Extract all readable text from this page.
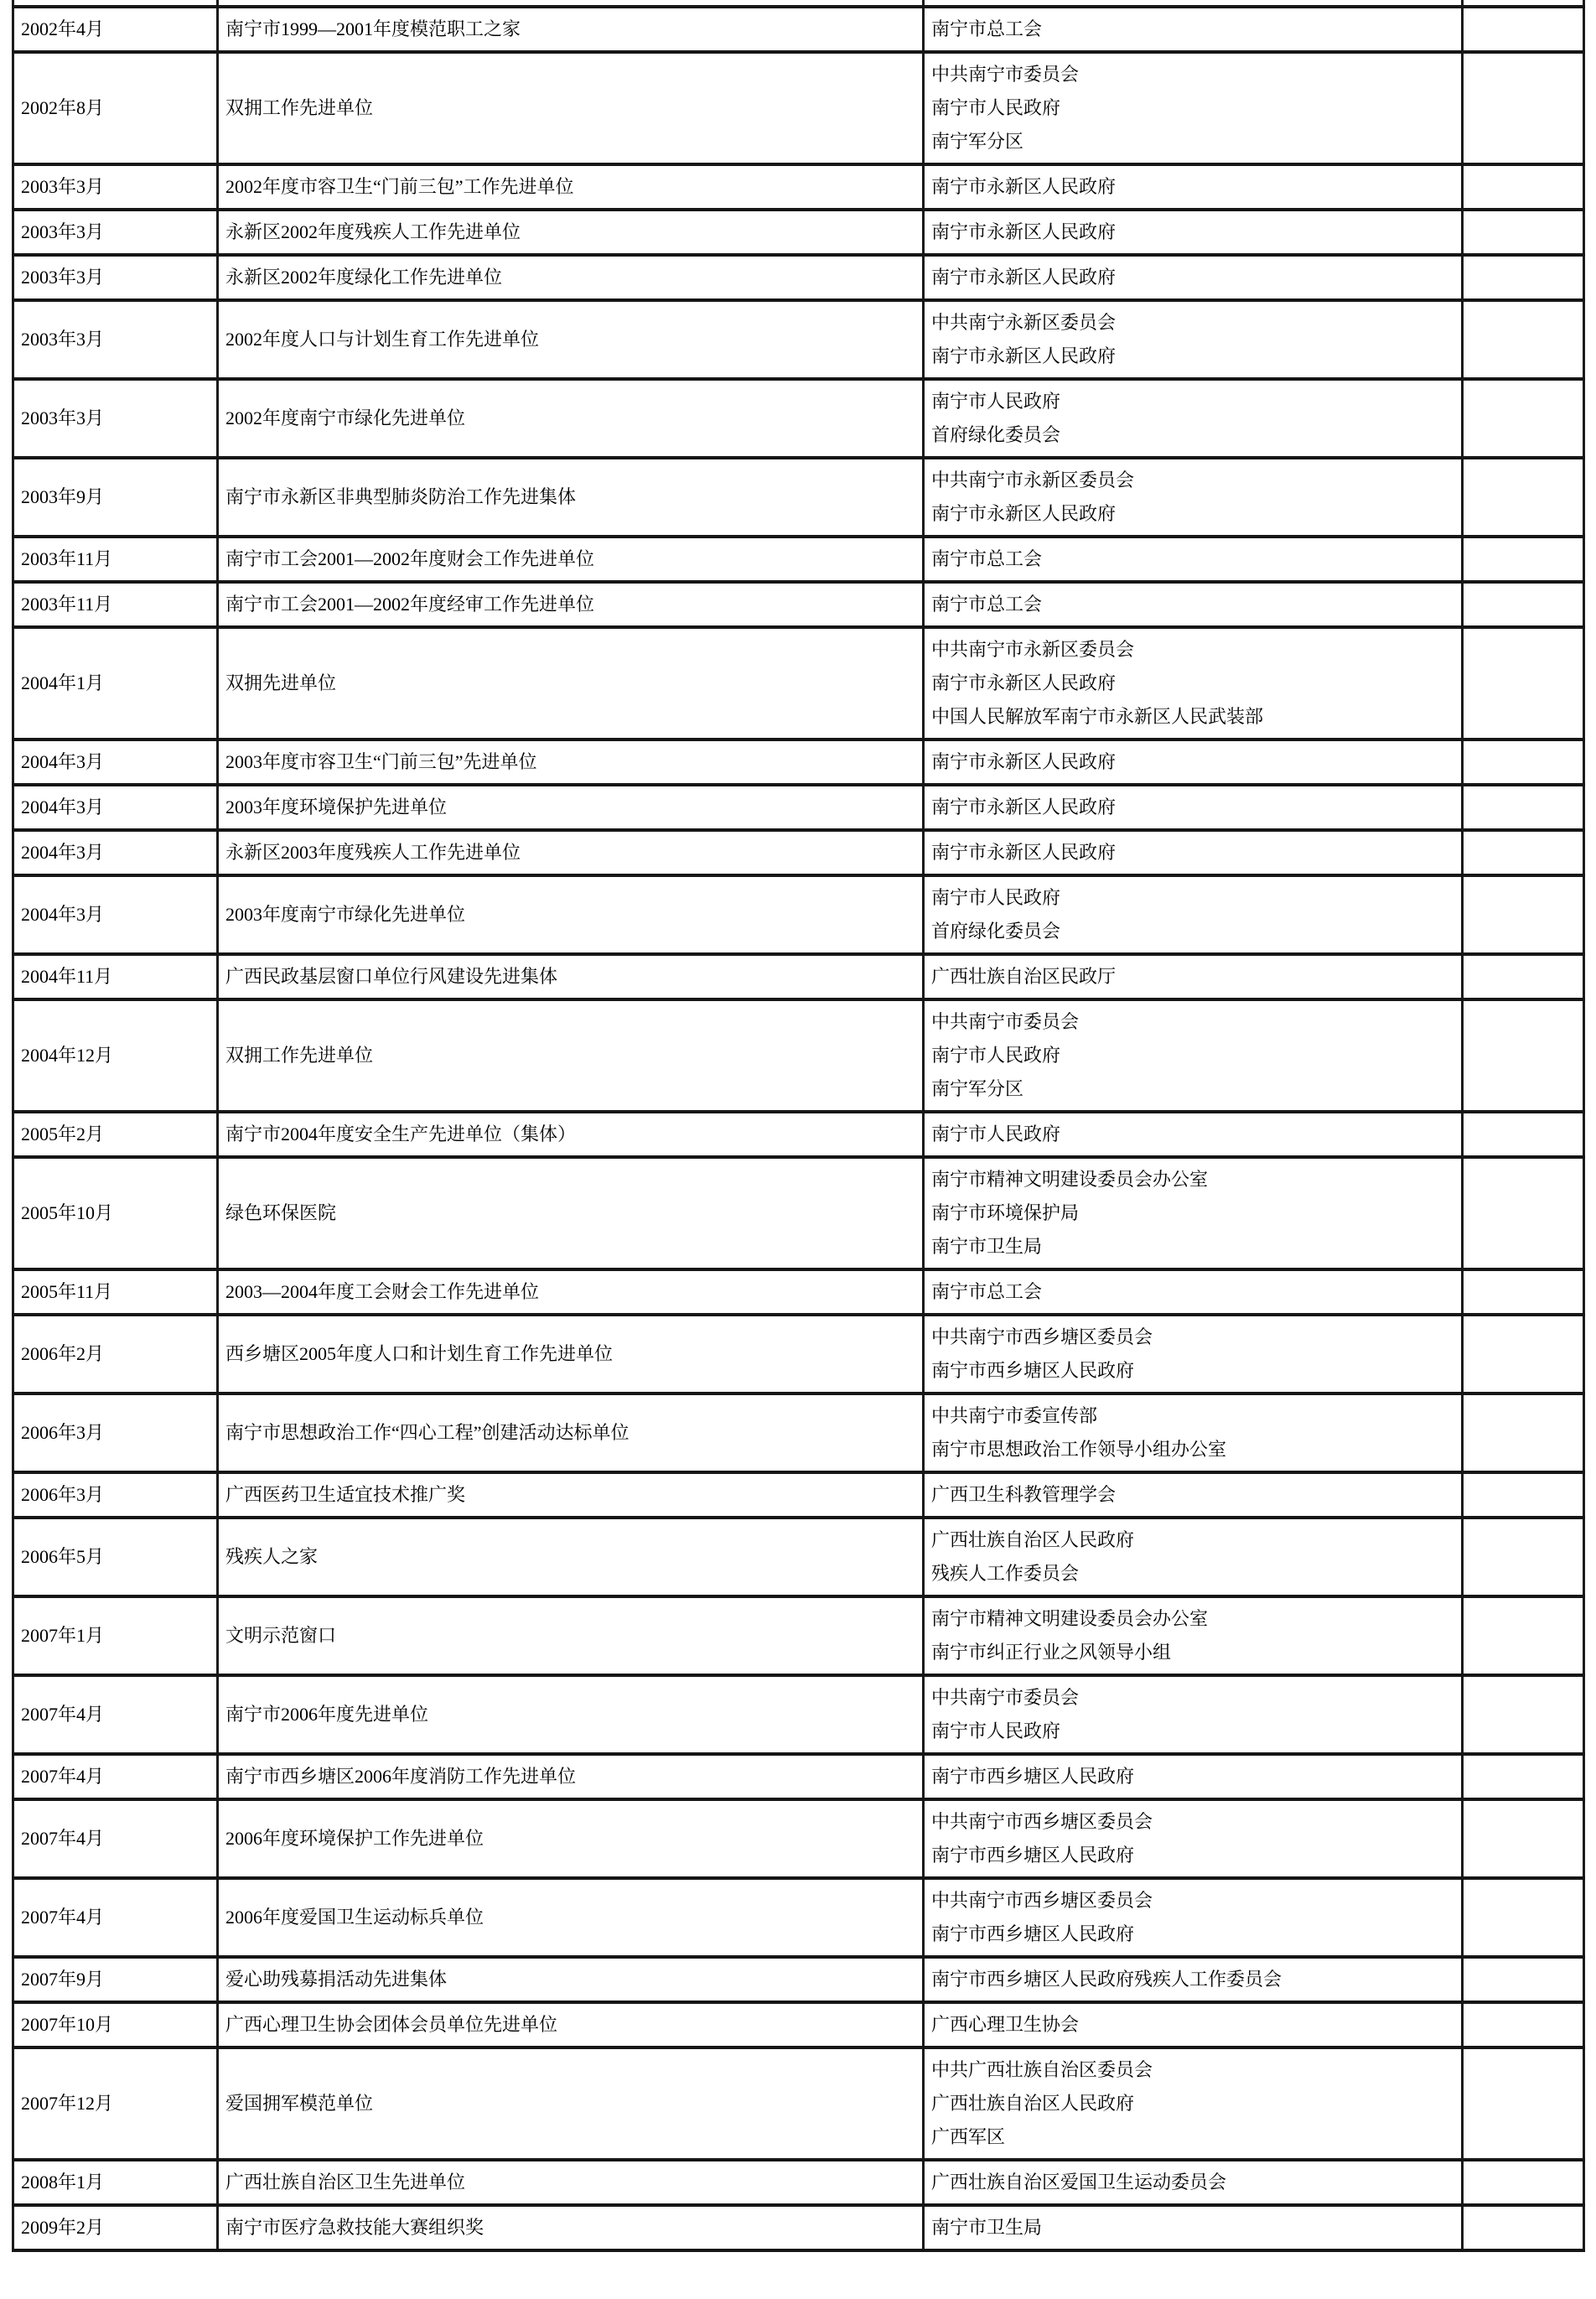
2002年4月	南宁市1999—2001年度模范职工之家	南宁市总工会	

2002年8月	双拥工作先进单位	中共南宁市委员会
南宁市人民政府
南宁军分区	

2003年3月	2002年度市容卫生“门前三包”工作先进单位	南宁市永新区人民政府	

2003年3月	永新区2002年度残疾人工作先进单位	南宁市永新区人民政府	

2003年3月	永新区2002年度绿化工作先进单位	南宁市永新区人民政府	

2003年3月	2002年度人口与计划生育工作先进单位	中共南宁永新区委员会
南宁市永新区人民政府	

2003年3月	2002年度南宁市绿化先进单位	南宁市人民政府
首府绿化委员会	

2003年9月	南宁市永新区非典型肺炎防治工作先进集体	中共南宁市永新区委员会
南宁市永新区人民政府	

2003年11月	南宁市工会2001—2002年度财会工作先进单位	南宁市总工会	

2003年11月	南宁市工会2001—2002年度经审工作先进单位	南宁市总工会	

2004年1月	双拥先进单位	中共南宁市永新区委员会
南宁市永新区人民政府
中国人民解放军南宁市永新区人民武装部	

2004年3月	2003年度市容卫生“门前三包”先进单位	南宁市永新区人民政府	

2004年3月	2003年度环境保护先进单位	南宁市永新区人民政府	

2004年3月	永新区2003年度残疾人工作先进单位	南宁市永新区人民政府	

2004年3月	2003年度南宁市绿化先进单位	南宁市人民政府
首府绿化委员会	

2004年11月	广西民政基层窗口单位行风建设先进集体	广西壮族自治区民政厅	

2004年12月	双拥工作先进单位	中共南宁市委员会
南宁市人民政府
南宁军分区	

2005年2月	南宁市2004年度安全生产先进单位（集体）	南宁市人民政府	

2005年10月	绿色环保医院	南宁市精神文明建设委员会办公室
南宁市环境保护局
南宁市卫生局	

2005年11月	2003—2004年度工会财会工作先进单位	南宁市总工会	

2006年2月	西乡塘区2005年度人口和计划生育工作先进单位	中共南宁市西乡塘区委员会
南宁市西乡塘区人民政府	

2006年3月	南宁市思想政治工作“四心工程”创建活动达标单位	中共南宁市委宣传部
南宁市思想政治工作领导小组办公室	

2006年3月	广西医药卫生适宜技术推广奖	广西卫生科教管理学会	

2006年5月	残疾人之家	广西壮族自治区人民政府
残疾人工作委员会	

2007年1月	文明示范窗口	南宁市精神文明建设委员会办公室
南宁市纠正行业之风领导小组	

2007年4月	南宁市2006年度先进单位	中共南宁市委员会
南宁市人民政府	

2007年4月	南宁市西乡塘区2006年度消防工作先进单位	南宁市西乡塘区人民政府	

2007年4月	2006年度环境保护工作先进单位	中共南宁市西乡塘区委员会
南宁市西乡塘区人民政府	

2007年4月	2006年度爱国卫生运动标兵单位	中共南宁市西乡塘区委员会
南宁市西乡塘区人民政府	

2007年9月	爱心助残募捐活动先进集体	南宁市西乡塘区人民政府残疾人工作委员会	

2007年10月	广西心理卫生协会团体会员单位先进单位	广西心理卫生协会	

2007年12月	爱国拥军模范单位	中共广西壮族自治区委员会
广西壮族自治区人民政府
广西军区	

2008年1月	广西壮族自治区卫生先进单位	广西壮族自治区爱国卫生运动委员会	

2009年2月	南宁市医疗急救技能大赛组织奖	南宁市卫生局	
